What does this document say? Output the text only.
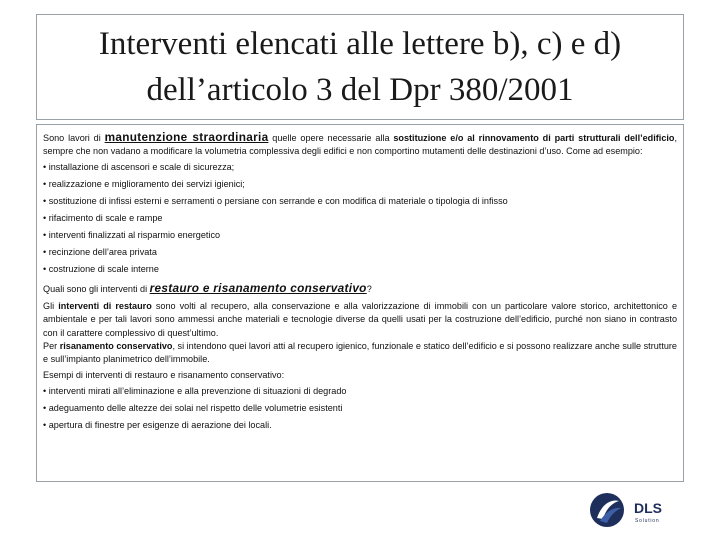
Interventi elencati alle lettere b), c) e d)
dell’articolo 3 del Dpr 380/2001

Sono lavori di manutenzione straordinaria quelle opere necessarie alla sostituzione e/o al rinnovamento di parti strutturali dell’edificio, sempre che non vadano a modificare la volumetria complessiva degli edifici e non comportino mutamenti delle destinazioni d’uso. Come ad esempio:

• installazione di ascensori e scale di sicurezza;

• realizzazione e miglioramento dei servizi igienici;

• sostituzione di infissi esterni e serramenti o persiane con serrande e con modifica di materiale o tipologia di infisso

• rifacimento di scale e rampe

• interventi finalizzati al risparmio energetico

• recinzione dell’area privata

• costruzione di scale interne

Quali sono gli interventi di restauro e risanamento conservativo?

Gli interventi di restauro sono volti al recupero, alla conservazione e alla valorizzazione di immobili con un particolare valore storico, architettonico e ambientale e per tali lavori sono ammessi anche materiali e tecnologie diverse da quelli usati per la costruzione dell’edificio, purché non siano in contrasto con il carattere complessivo di quest’ultimo.

Per risanamento conservativo, si intendono quei lavori atti al recupero igienico, funzionale e statico dell’edificio e si possono realizzare anche sulle strutture e sull’impianto planimetrico dell’immobile.

Esempi di interventi di restauro e risanamento conservativo:

• interventi mirati all’eliminazione e alla prevenzione di situazioni di degrado

• adeguamento delle altezze dei solai nel rispetto delle volumetrie esistenti

• apertura di finestre per esigenze di aerazione dei locali.

DLS
Solution
